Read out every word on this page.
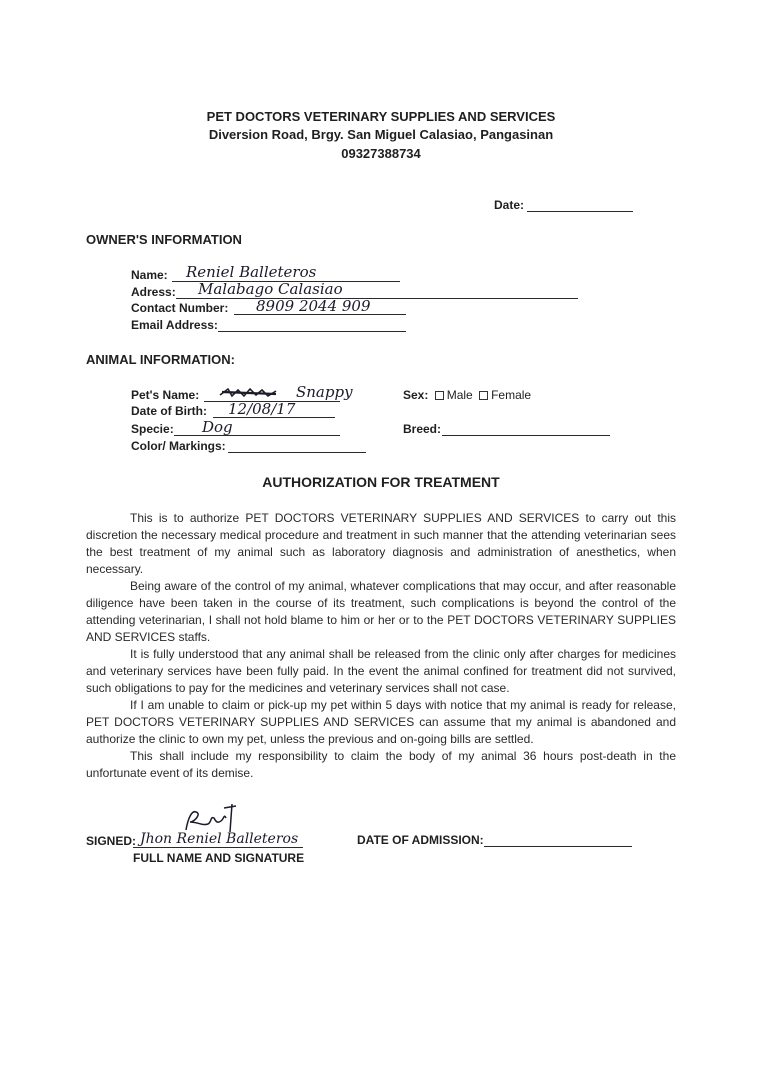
PET DOCTORS VETERINARY SUPPLIES AND SERVICES
Diversion Road, Brgy. San Miguel Calasiao, Pangasinan
09327388734
Date:
OWNER'S INFORMATION
Name: Reniel Balleteros
Adress: Malabago Calasiao
Contact Number: 8909 2044 909
Email Address:
ANIMAL INFORMATION:
Pet's Name:	Snappy
Date of Birth: 12/08/17
Specie: Dog
Color/ Markings:
Sex: Male Female
Breed:
AUTHORIZATION FOR TREATMENT

This is to authorize PET DOCTORS VETERINARY SUPPLIES AND SERVICES to carry out this discretion the necessary medical procedure and treatment in such manner that the attending veterinarian sees the best treatment of my animal such as laboratory diagnosis and administration of anesthetics, when necessary.

Being aware of the control of my animal, whatever complications that may occur, and after reasonable diligence have been taken in the course of its treatment, such complications is beyond the control of the attending veterinarian, I shall not hold blame to him or her or to the PET DOCTORS VETERINARY SUPPLIES AND SERVICES staffs.

It is fully understood that any animal shall be released from the clinic only after charges for medicines and veterinary services have been fully paid. In the event the animal confined for treatment did not survived, such obligations to pay for the medicines and veterinary services shall not case.

If I am unable to claim or pick-up my pet within 5 days with notice that my animal is ready for release, PET DOCTORS VETERINARY SUPPLIES AND SERVICES can assume that my animal is abandoned and authorize the clinic to own my pet, unless the previous and on-going bills are settled.

This shall include my responsibility to claim the body of my animal 36 hours post-death in the unfortunate event of its demise.

SIGNED: Jhon Reniel Balleteros
FULL NAME AND SIGNATURE
DATE OF ADMISSION:
